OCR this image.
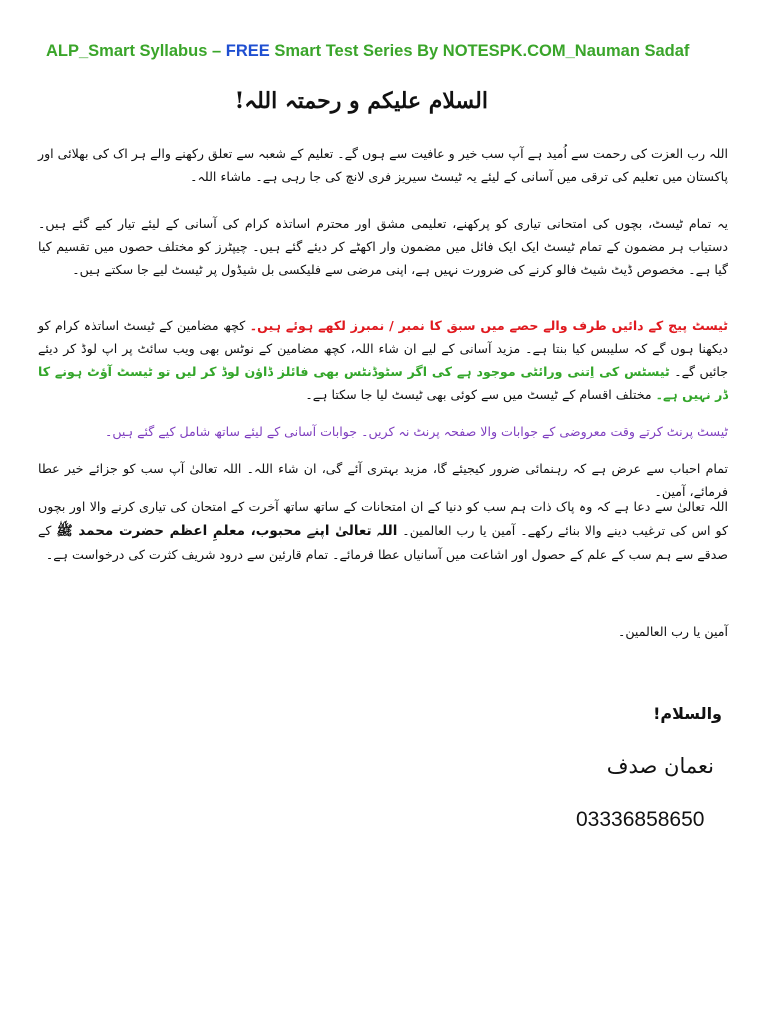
ALP_Smart Syllabus – FREE Smart Test Series By NOTESPK.COM_Nauman Sadaf
السلام علیکم و رحمتہ اللہ!
اللہ رب العزت کی رحمت سے اُمید ہے آپ سب خیر و عافیت سے ہوں گے۔ تعلیم کے شعبہ سے تعلق رکھنے والے ہر اک کی بھلائی اور پاکستان میں تعلیم کی ترقی میں آسانی کے لیئے یہ ٹیسٹ سیریز فری لانچ کی جا رہی ہے۔ ماشاء اللہ۔
یہ تمام ٹیسٹ، بچوں کی امتحانی تیاری کو پرکھنے، تعلیمی مشق اور محترم اساتذہ کرام کی آسانی کے لیئے تیار کیے گئے ہیں۔ دستیاب ہر مضمون کے تمام ٹیسٹ ایک ایک فائل میں مضمون وار اکھٹے کر دیئے گئے ہیں۔ چیپٹرز کو مختلف حصوں میں تقسیم کیا گیا ہے۔ مخصوص ڈیٹ شیٹ فالو کرنے کی ضرورت نہیں ہے، اپنی مرضی سے فلیکسی بل شیڈول پر ٹیسٹ لیے جا سکتے ہیں۔
ٹیسٹ پیج کے دائیں طرف والے حصے میں سبق کا نمبر / نمبرز لکھے ہوئے ہیں۔ کچھ مضامین کے ٹیسٹ اساتذہ کرام کو دیکھنا ہوں گے کہ سلیبس کیا بنتا ہے۔ مزید آسانی کے لیے ان شاء اللہ، کچھ مضامین کے نوٹس بھی ویب سائٹ پر اپ لوڈ کر دیئے جائیں گے۔ ٹیسٹس کی اِتنی ورائٹی موجود ہے کی اگر سٹوڈنٹس بھی فائلز ڈاؤن لوڈ کر لیں تو ٹیسٹ آؤٹ ہونے کا ڈر نہیں ہے۔ مختلف اقسام کے ٹیسٹ میں سے کوئی بھی ٹیسٹ لیا جا سکتا ہے۔
ٹیسٹ پرنٹ کرتے وقت معروضی کے جوابات والا صفحہ پرنٹ نہ کریں۔ جوابات آسانی کے لیئے ساتھ شامل کیے گئے ہیں۔
تمام احباب سے عرض ہے کہ رہنمائی ضرور کیجیئے گا، مزید بہتری آئے گی، ان شاء اللہ۔ اللہ تعالیٰ آپ سب کو جزائے خیر عطا فرمائے، آمین۔
اللہ تعالیٰ سے دعا ہے کہ وہ پاک ذات ہم سب کو دنیا کے ان امتحانات کے ساتھ ساتھ آخرت کے امتحان کی تیاری کرنے والا اور بچوں کو اس کی ترغیب دینے والا بنائے رکھے۔ آمین یا رب العالمین۔ اللہ تعالیٰ اپنے محبوب، معلمِ اعظم حضرت محمد ﷺ کے صدقے سے ہم سب کے علم کے حصول اور اشاعت میں آسانیاں عطا فرمائے۔ تمام قارئین سے درود شریف کثرت کی درخواست ہے۔
آمین یا رب العالمین۔
والسلام!
نعمان صدف
03336858650
